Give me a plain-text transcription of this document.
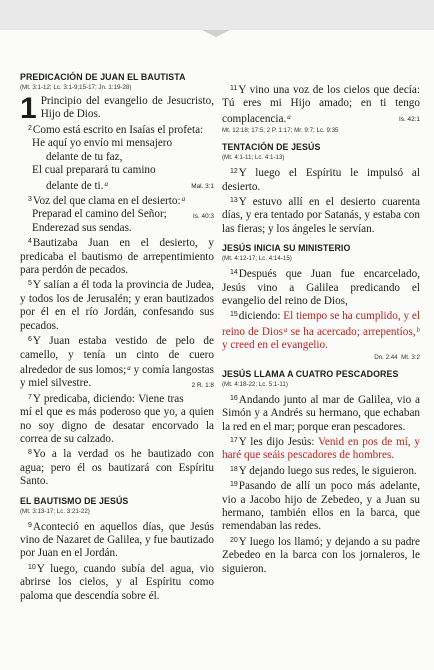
PREDICACIÓN DE JUAN EL BAUTISTA
(Mt. 3:1-12; Lc. 3:1-9;15-17; Jn. 1:19-28)
1 Principio del evangelio de Jesucristo, Hijo de Dios.

$^2$Como está escrito en Isaías el profeta:

He aquí yo envío mi mensajero
delante de tu faz,
El cual preparará tu camino
delante de ti.$^a$	Mal. 3:1

$^3$Voz del que clama en el desierto:$^a$
Is. 40:3

Preparad el camino del Señor;
Enderezad sus sendas.

$^4$Bautizaba Juan en el desierto, y predicaba el bautismo de arrepentimiento para perdón de pecados.

$^5$Y salían a él toda la provincia de Judea, y todos los de Jerusalén; y eran bautizados por él en el río Jordán, confesando sus pecados.

$^6$Y Juan estaba vestido de pelo de camello, y tenía un cinto de cuero alrededor de sus lomos;$^a$ y comía langostas y miel silvestre.	2 R. 1:8

$^7$Y predicaba, diciendo: Viene tras mí el que es más poderoso que yo, a quien no soy digno de desatar encorvado la correa de su calzado.

$^8$Yo a la verdad os he bautizado con agua; pero él os bautizará con Espíritu Santo.

EL BAUTISMO DE JESÚS
(Mt. 3:13-17; Lc. 3:21-22)

$^9$Aconteció en aquellos días, que Jesús vino de Nazaret de Galilea, y fue bautizado por Juan en el Jordán.

$^{10}$Y luego, cuando subía del agua, vio abrirse los cielos, y al Espíritu como paloma que descendía sobre él.

$^{11}$Y vino una voz de los cielos que decía: Tú eres mi Hijo amado; en ti tengo complacencia.$^a$	Is. 42:1

Mt. 12:18; 17:5; 2 P. 1:17; Mr. 9:7; Lc. 9:35
TENTACIÓN DE JESÚS
(Mt. 4:1-11; Lc. 4:1-13)

$^{12}$Y luego el Espíritu le impulsó al desierto.

$^{13}$Y estuvo allí en el desierto cuarenta días, y era tentado por Satanás, y estaba con las fieras; y los ángeles le servían.

JESÚS INICIA SU MINISTERIO
(Mt. 4:12-17; Lc. 4:14-15)

$^{14}$Después que Juan fue encarcelado, Jesús vino a Galilea predicando el evangelio del reino de Dios,

$^{15}$diciendo: El tiempo se ha cumplido, y el reino de Dios$^a$ se ha acercado; arrepentíos,$^b$ y creed en el evangelio.

Dn. 2:44 Mt. 3:2
JESÚS LLAMA A CUATRO PESCADORES
(Mt. 4:18-22; Lc. 5:1-11)

$^{16}$Andando junto al mar de Galilea, vio a Simón y a Andrés su hermano, que echaban la red en el mar; porque eran pescadores.

$^{17}$Y les dijo Jesús: Venid en pos de mí, y haré que seáis pescadores de hombres.

$^{18}$Y dejando luego sus redes, le siguieron.

$^{19}$Pasando de allí un poco más adelante, vio a Jacobo hijo de Zebedeo, y a Juan su hermano, también ellos en la barca, que remendaban las redes.

$^{20}$Y luego los llamó; y dejando a su padre Zebedeo en la barca con los jornaleros, le siguieron.
